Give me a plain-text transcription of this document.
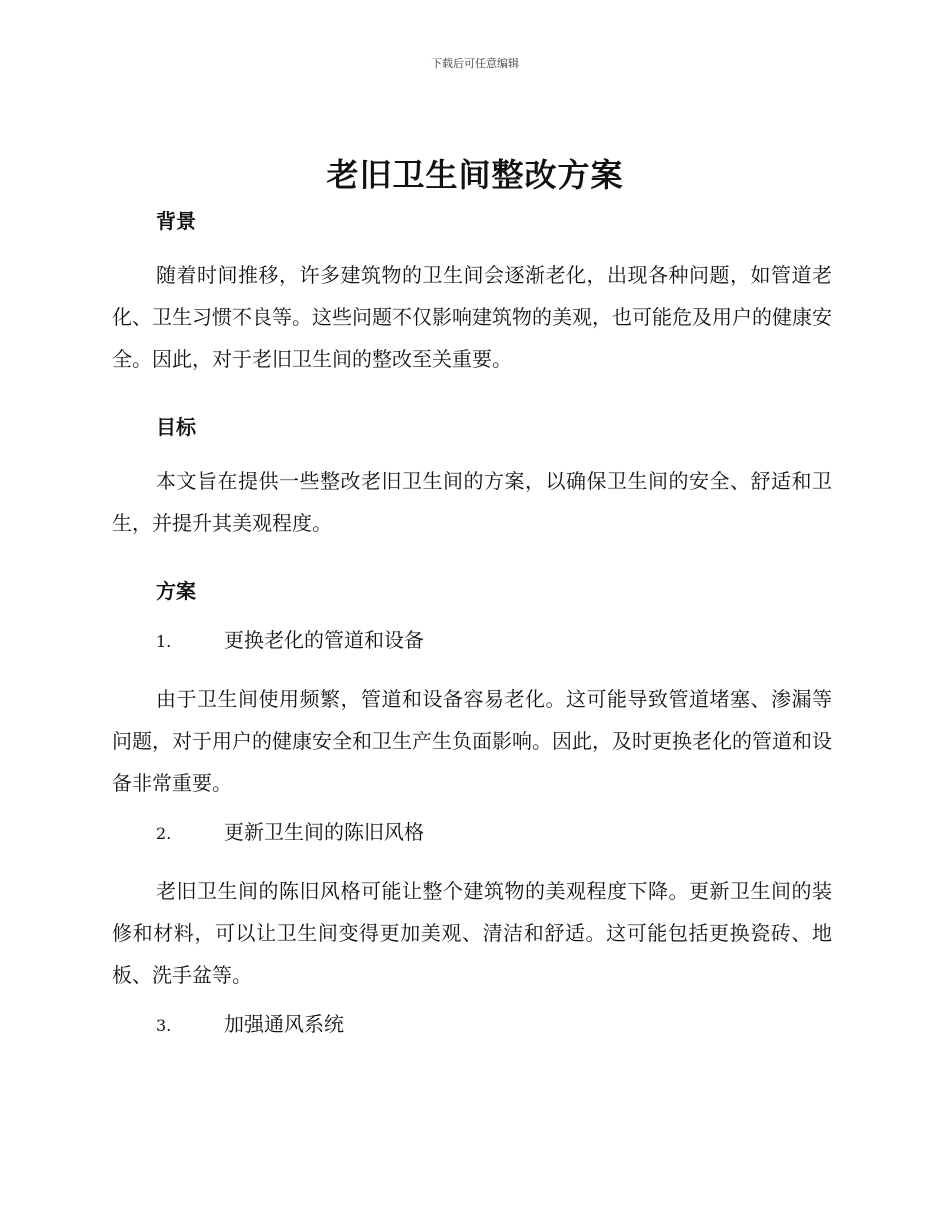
下载后可任意编辑
老旧卫生间整改方案
背景

随着时间推移，许多建筑物的卫生间会逐渐老化，出现各种问题，如管道老化、卫生习惯不良等。这些问题不仅影响建筑物的美观，也可能危及用户的健康安全。因此，对于老旧卫生间的整改至关重要。

目标

本文旨在提供一些整改老旧卫生间的方案，以确保卫生间的安全、舒适和卫生，并提升其美观程度。

方案
1.	更换老化的管道和设备

由于卫生间使用频繁，管道和设备容易老化。这可能导致管道堵塞、渗漏等问题，对于用户的健康安全和卫生产生负面影响。因此，及时更换老化的管道和设备非常重要。

2.	更新卫生间的陈旧风格

老旧卫生间的陈旧风格可能让整个建筑物的美观程度下降。更新卫生间的装修和材料，可以让卫生间变得更加美观、清洁和舒适。这可能包括更换瓷砖、地板、洗手盆等。

3.	加强通风系统
